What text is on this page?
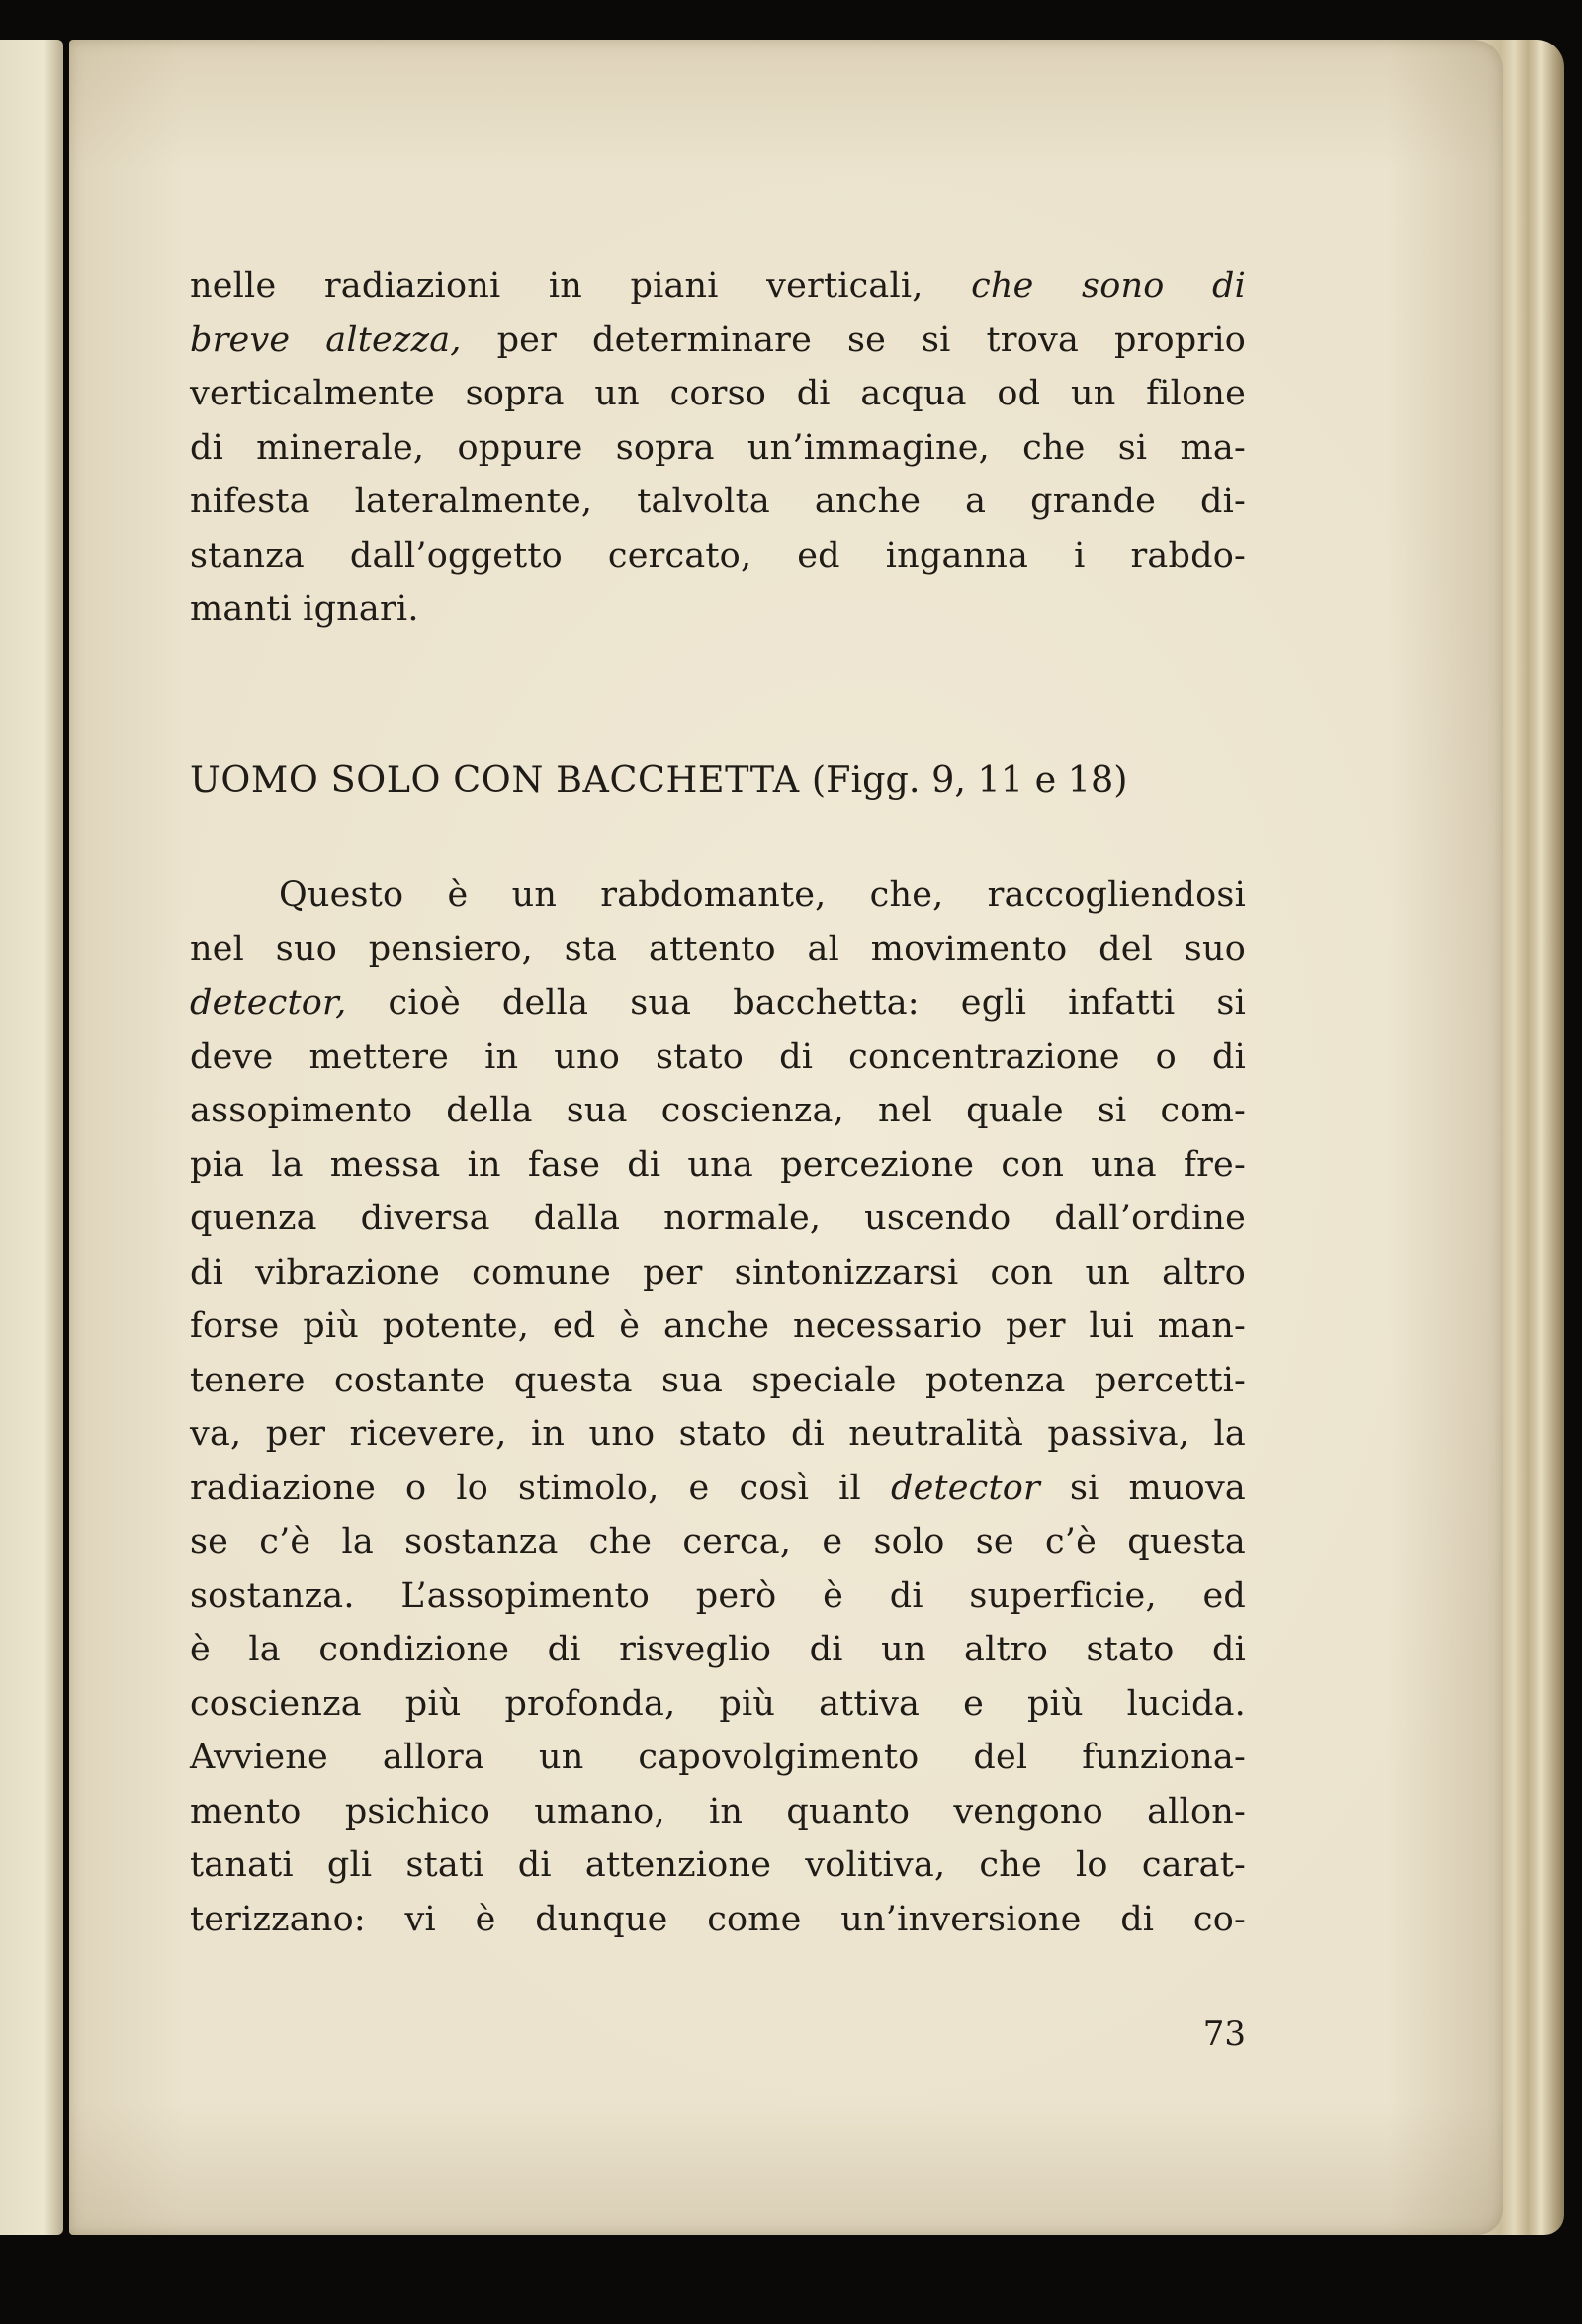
nelle radiazioni in piani verticali, che sono di
breve altezza, per determinare se si trova proprio
verticalmente sopra un corso di acqua od un filone
di minerale, oppure sopra un’immagine, che si ma-
nifesta lateralmente, talvolta anche a grande di-
stanza dall’oggetto cercato, ed inganna i rabdo-
manti ignari.
UOMO SOLO CON BACCHETTA (Figg. 9, 11 e 18)
Questo è un rabdomante, che, raccogliendosi
nel suo pensiero, sta attento al movimento del suo
detector, cioè della sua bacchetta: egli infatti si
deve mettere in uno stato di concentrazione o di
assopimento della sua coscienza, nel quale si com-
pia la messa in fase di una percezione con una fre-
quenza diversa dalla normale, uscendo dall’ordine
di vibrazione comune per sintonizzarsi con un altro
forse più potente, ed è anche necessario per lui man-
tenere costante questa sua speciale potenza percetti-
va, per ricevere, in uno stato di neutralità passiva, la
radiazione o lo stimolo, e così il detector si muova
se c’è la sostanza che cerca, e solo se c’è questa
sostanza. L’assopimento però è di superficie, ed
è la condizione di risveglio di un altro stato di
coscienza più profonda, più attiva e più lucida.
Avviene allora un capovolgimento del funziona-
mento psichico umano, in quanto vengono allon-
tanati gli stati di attenzione volitiva, che lo carat-
terizzano: vi è dunque come un’inversione di co-
73
